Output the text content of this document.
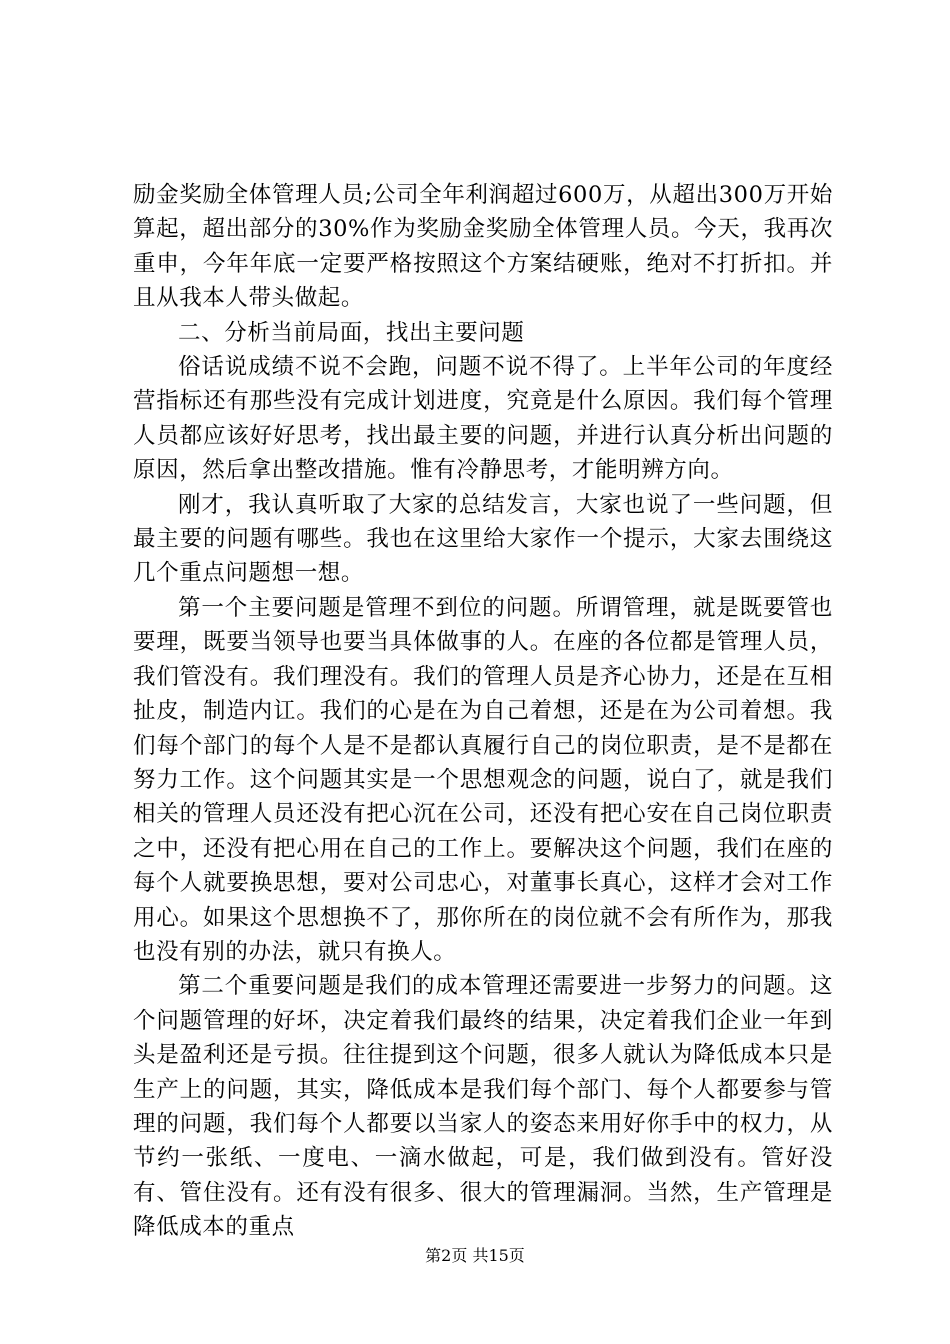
励金奖励全体管理人员;公司全年利润超过600万，从超出300万开始算起，超出部分的30%作为奖励金奖励全体管理人员。今天，我再次重申，今年年底一定要严格按照这个方案结硬账，绝对不打折扣。并且从我本人带头做起。

二、分析当前局面，找出主要问题

俗话说成绩不说不会跑，问题不说不得了。上半年公司的年度经营指标还有那些没有完成计划进度，究竟是什么原因。我们每个管理人员都应该好好思考，找出最主要的问题，并进行认真分析出问题的原因，然后拿出整改措施。惟有冷静思考，才能明辨方向。

刚才，我认真听取了大家的总结发言，大家也说了一些问题，但最主要的问题有哪些。我也在这里给大家作一个提示，大家去围绕这几个重点问题想一想。

第一个主要问题是管理不到位的问题。所谓管理，就是既要管也要理，既要当领导也要当具体做事的人。在座的各位都是管理人员，我们管没有。我们理没有。我们的管理人员是齐心协力，还是在互相扯皮，制造内讧。我们的心是在为自己着想，还是在为公司着想。我们每个部门的每个人是不是都认真履行自己的岗位职责，是不是都在努力工作。这个问题其实是一个思想观念的问题，说白了，就是我们相关的管理人员还没有把心沉在公司，还没有把心安在自己岗位职责之中，还没有把心用在自己的工作上。要解决这个问题，我们在座的每个人就要换思想，要对公司忠心，对董事长真心，这样才会对工作用心。如果这个思想换不了，那你所在的岗位就不会有所作为，那我也没有别的办法，就只有换人。

第二个重要问题是我们的成本管理还需要进一步努力的问题。这个问题管理的好坏，决定着我们最终的结果，决定着我们企业一年到头是盈利还是亏损。往往提到这个问题，很多人就认为降低成本只是生产上的问题，其实，降低成本是我们每个部门、每个人都要参与管理的问题，我们每个人都要以当家人的姿态来用好你手中的权力，从节约一张纸、一度电、一滴水做起，可是，我们做到没有。管好没有、管住没有。还有没有很多、很大的管理漏洞。当然，生产管理是降低成本的重点

第2页 共15页
